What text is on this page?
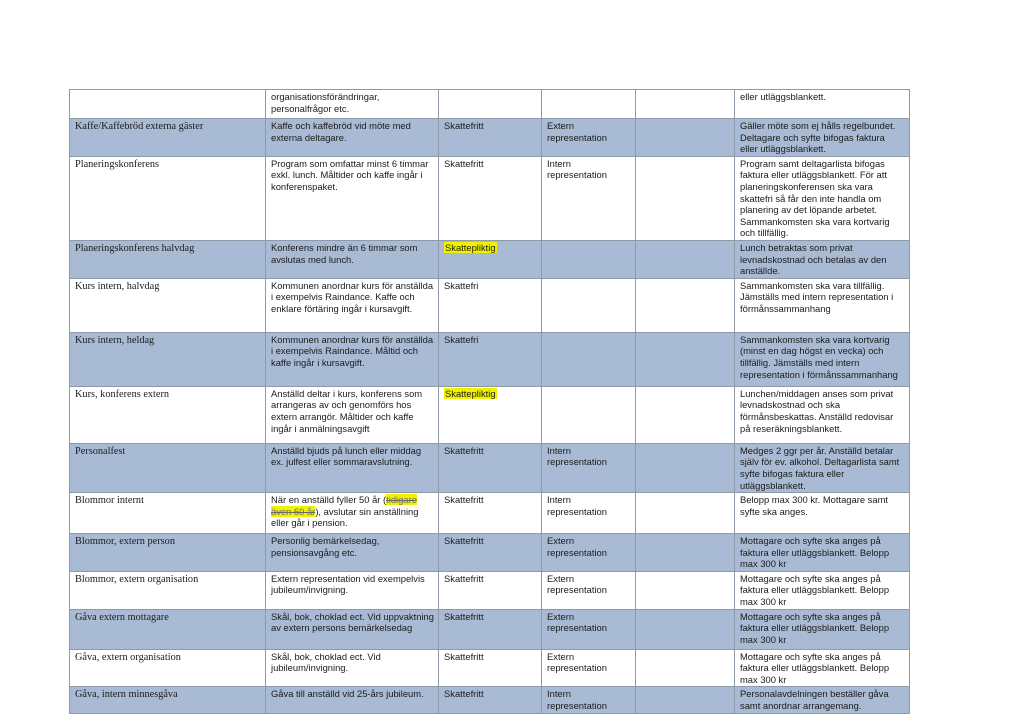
	organisationsförändringar, personalfrågor etc.				eller utläggsblankett.
Kaffe/Kaffebröd externa gäster	Kaffe och kaffebröd vid möte med externa deltagare.	Skattefritt	Extern representation		Gäller möte som ej hålls regelbundet. Deltagare och syfte bifogas faktura eller utläggsblankett.
Planeringskonferens	Program som omfattar minst 6 timmar exkl. lunch. Måltider och kaffe ingår i konferenspaket.	Skattefritt	Intern representation		Program samt deltagarlista bifogas faktura eller utläggsblankett. För att planeringskonferensen ska vara skattefri så får den inte handla om planering av det löpande arbetet. Sammankomsten ska vara kortvarig och tillfällig.
Planeringskonferens halvdag	Konferens mindre än 6 timmar som avslutas med lunch.	Skattepliktig			Lunch betraktas som privat levnadskostnad och betalas av den anställde.
Kurs intern, halvdag	Kommunen anordnar kurs för anställda i exempelvis Raindance. Kaffe och enklare förtäring ingår i kursavgift.	Skattefri			Sammankomsten ska vara tillfällig. Jämställs med intern representation i förmånssammanhang
Kurs intern, heldag	Kommunen anordnar kurs för anställda i exempelvis Raindance. Måltid och kaffe ingår i kursavgift.	Skattefri			Sammankomsten ska vara kortvarig (minst en dag högst en vecka) och tillfällig. Jämställs med intern representation i förmånssammanhang
Kurs, konferens extern	Anställd deltar i kurs, konferens som arrangeras av och genomförs hos extern arrangör. Måltider och kaffe ingår i anmälningsavgift	Skattepliktig			Lunchen/middagen anses som privat levnadskostnad och ska förmånsbeskattas. Anställd redovisar på reseräkningsblankett.
Personalfest	Anställd bjuds på lunch eller middag ex. julfest eller sommaravslutning.	Skattefritt	Intern representation		Medges 2 ggr per år. Anställd betalar själv för ev. alkohol. Deltagarlista samt syfte bifogas faktura eller utläggsblankett.
Blommor internt	När en anställd fyller 50 år (tidigare även 60 år), avslutar sin anställning eller går i pension.	Skattefritt	Intern representation		Belopp max 300 kr. Mottagare samt syfte ska anges.
Blommor, extern person	Personlig bemärkelsedag, pensionsavgång etc.	Skattefritt	Extern representation		Mottagare och syfte ska anges på faktura eller utläggsblankett. Belopp max 300 kr
Blommor, extern organisation	Extern representation vid exempelvis jubileum/invigning.	Skattefritt	Extern representation		Mottagare och syfte ska anges på faktura eller utläggsblankett. Belopp max 300 kr
Gåva extern mottagare	Skål, bok, choklad ect. Vid uppvaktning av extern persons bemärkelsedag	Skattefritt	Extern representation		Mottagare och syfte ska anges på faktura eller utläggsblankett. Belopp max 300 kr
Gåva, extern organisation	Skål, bok, choklad ect. Vid jubileum/invigning.	Skattefritt	Extern representation		Mottagare och syfte ska anges på faktura eller utläggsblankett. Belopp max 300 kr
Gåva, intern minnesgåva	Gåva till anställd vid 25-års jubileum.	Skattefritt	Intern representation		Personalavdelningen beställer gåva samt anordnar arrangemang.
